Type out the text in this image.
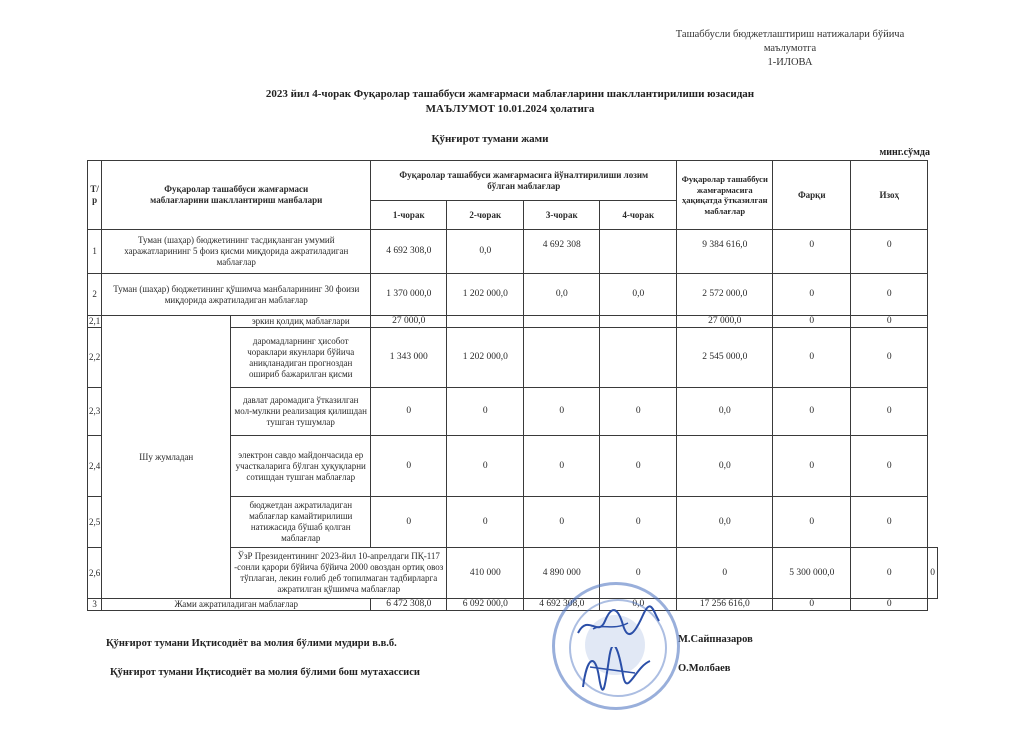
Ташаббусли бюджетлаштириш натижалари бўйича
маълумотга
1-ИЛОВА
2023 йил 4-чорак Фуқаролар ташаббуси жамғармаси маблағларини шакллантирилиши юзасидан
МАЪЛУМОТ 10.01.2024 ҳолатига
Қўнғирот тумани жами
минг.сўмда
Т/р	Фуқаролар ташаббуси жамғармаси маблағларини шакллантириш манбалари		Фуқаролар ташаббуси жамғармасига йўналтирилиши лозим бўлган маблағлар				Фуқаролар ташаббуси жамғармасига ҳақиқатда ўтказилган маблағлар	Фарқи	Изоҳ	
			1-чорак	2-чорак	3-чорак	4-чорак				
1	Туман (шаҳар) бюджетининг тасдиқланган умумий харажатларининг 5 фоиз қисми миқдорида ажратиладиган маблағлар		4 692 308,0	0,0	4 692 308		9 384 616,0	0	0	
2	Туман (шаҳар) бюджетининг қўшимча манбаларининг 30 фоизи миқдорида ажратиладиган маблағлар		1 370 000,0	1 202 000,0	0,0	0,0	2 572 000,0	0	0	
2,1	Шу жумладан	эркин қолдиқ маблағлари	27 000,0				27 000,0	0	0	
2,2		даромадларнинг ҳисобот чораклари якунлари бўйича аниқланадиган прогноздан ошириб бажарилган қисми	1 343 000	1 202 000,0			2 545 000,0	0	0	
2,3		давлат даромадига ўтказилган мол-мулкни реализация қилишдан тушган тушумлар	0	0	0	0	0,0	0	0	
2,4		электрон савдо майдончасида ер участкаларига бўлган ҳуқуқларни сотишдан тушган маблағлар	0	0	0	0	0,0	0	0	
2,5		бюджетдан ажратиладиган маблағлар камайтирилиши натижасида бўшаб қолган маблағлар	0	0	0	0	0,0	0	0	
2,6		ЎзР Президентининг 2023-йил 10-апрелдаги ПҚ-117 -сонли қарори бўйича бўйича 2000 овоздан ортиқ овоз тўплаган, лекин ғолиб деб топилмаган тадбирларга ажратилган қўшимча маблағлар		410 000	4 890 000	0	0	5 300 000,0	0	0
3	Жами ажратиладиган маблағлар		6 472 308,0	6 092 000,0	4 692 308,0	0,0	17 256 616,0	0	0	
Қўнғирот тумани Иқтисодиёт ва молия бўлими мудири в.в.б.	М.Сайпназаров
Қўнғирот тумани Иқтисодиёт ва молия бўлими бош мутахассиси	О.Молбаев
